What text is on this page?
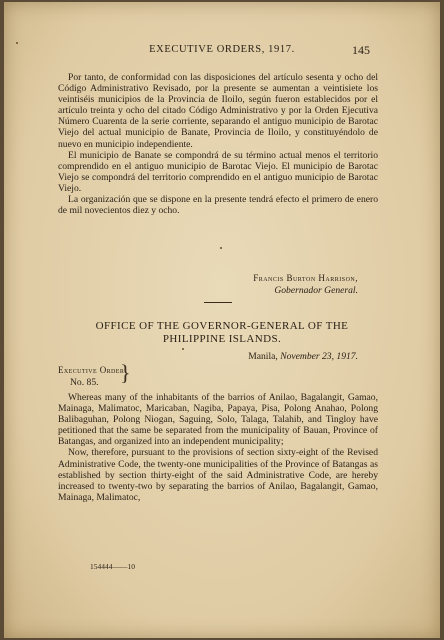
EXECUTIVE ORDERS, 1917.	145

Por tanto, de conformidad con las disposiciones del artículo sesenta y ocho del Código Administrativo Revisado, por la presente se aumentan a veintisiete los veintiséis municipios de la Provincia de Iloilo, según fueron establecidos por el artículo treinta y ocho del citado Código Administrativo y por la Orden Ejecutiva Número Cuarenta de la serie corriente, separando el antiguo municipio de Barotac Viejo del actual municipio de Banate, Provincia de Iloilo, y constituyéndolo de nuevo en municipio independiente.

El municipio de Banate se compondrá de su término actual menos el territorio comprendido en el antiguo municipio de Barotac Viejo. El municipio de Barotac Viejo se compondrá del territorio comprendido en el antiguo municipio de Barotac Viejo.

La organización que se dispone en la presente tendrá efecto el primero de enero de mil novecientos diez y ocho.

Francis Burton Harrison,
Gobernador General.
OFFICE OF THE GOVERNOR-GENERAL OF THE
PHILIPPINE ISLANDS.
Manila, November 23, 1917.
Executive Order
No. 85. }

Whereas many of the inhabitants of the barrios of Anilao, Bagalangit, Gamao, Mainaga, Malimatoc, Maricaban, Nagiba, Papaya, Pisa, Polong Anahao, Polong Balibaguhan, Polong Niogan, Saguing, Solo, Talaga, Talahib, and Tingloy have petitioned that the same be separated from the municipality of Bauan, Province of Batangas, and organized into an independent municipality;

Now, therefore, pursuant to the provisions of section sixty-eight of the Revised Administrative Code, the twenty-one municipalities of the Province of Batangas as established by section thirty-eight of the said Administrative Code, are hereby increased to twenty-two by separating the barrios of Anilao, Bagalangit, Gamao, Mainaga, Malimatoc,

154444——10
